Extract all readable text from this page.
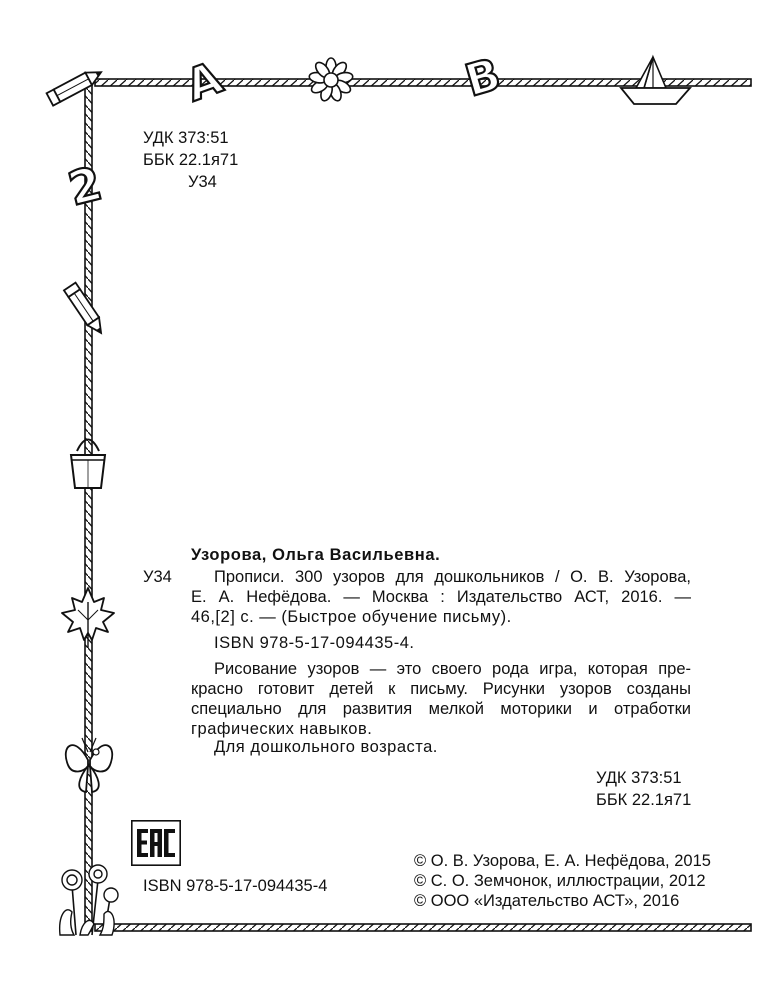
A	B
2
УДК 373:51
ББК 22.1я71
У34
Узорова, Ольга Васильевна.
У34	Прописи. 300 узоров для дошкольников / О. В. Узорова,
Е. А. Нефёдова. — Москва : Издательство АСТ, 2016. —
46,[2] с. — (Быстрое обучение письму).
ISBN 978-5-17-094435-4.
Рисование узоров — это своего рода игра, которая пре-
красно готовит детей к письму. Рисунки узоров созданы
специально для развития мелкой моторики и отработки
графических навыков.
Для дошкольного возраста.
УДК 373:51
ББК 22.1я71
ISBN 978-5-17-094435-4
© О. В. Узорова, Е. А. Нефёдова, 2015
© С. О. Земчонок, иллюстрации, 2012
© ООО «Издательство АСТ», 2016
